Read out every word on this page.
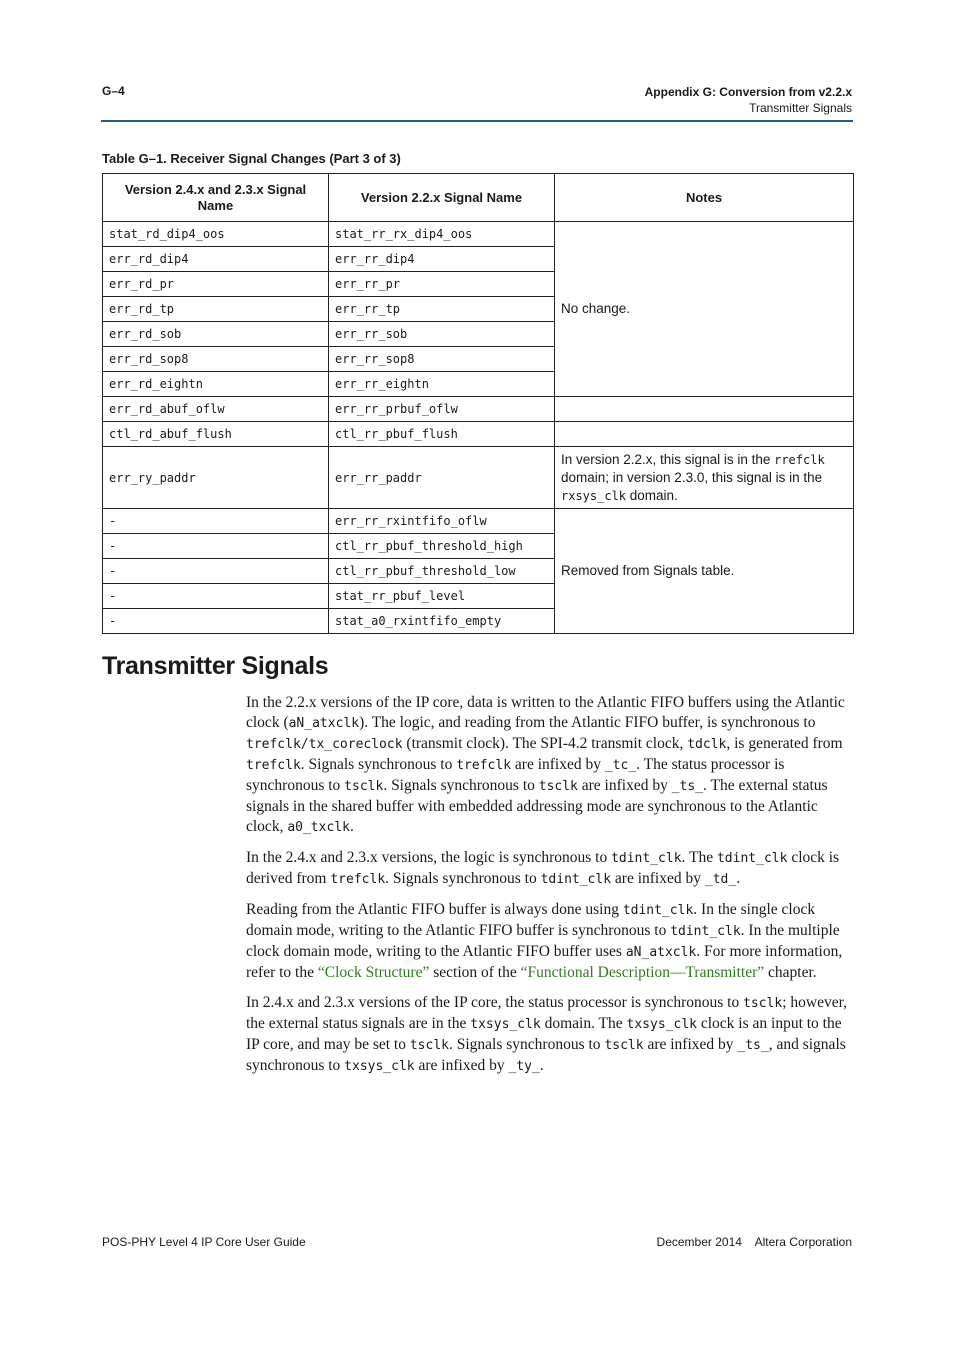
G–4	Appendix G: Conversion from v2.2.x
Transmitter Signals
Table G–1. Receiver Signal Changes (Part 3 of 3)
Version 2.4.x and 2.3.x Signal Name	Version 2.2.x Signal Name	Notes
stat_rd_dip4_oos	stat_rr_rx_dip4_oos	No change.
err_rd_dip4	err_rr_dip4	
err_rd_pr	err_rr_pr	
err_rd_tp	err_rr_tp	
err_rd_sob	err_rr_sob	
err_rd_sop8	err_rr_sop8	
err_rd_eightn	err_rr_eightn	
err_rd_abuf_oflw	err_rr_prbuf_oflw	
ctl_rd_abuf_flush	ctl_rr_pbuf_flush	
err_ry_paddr	err_rr_paddr	In version 2.2.x, this signal is in the rrefclk domain; in version 2.3.0, this signal is in the rxsys_clk domain.
-	err_rr_rxintfifo_oflw	Removed from Signals table.
-	ctl_rr_pbuf_threshold_high	
-	ctl_rr_pbuf_threshold_low	
-	stat_rr_pbuf_level	
-	stat_a0_rxintfifo_empty	
Transmitter Signals

In the 2.2.x versions of the IP core, data is written to the Atlantic FIFO buffers using the Atlantic clock (aN_atxclk). The logic, and reading from the Atlantic FIFO buffer, is synchronous to trefclk/tx_coreclock (transmit clock). The SPI-4.2 transmit clock, tdclk, is generated from trefclk. Signals synchronous to trefclk are infixed by _tc_. The status processor is synchronous to tsclk. Signals synchronous to tsclk are infixed by _ts_. The external status signals in the shared buffer with embedded addressing mode are synchronous to the Atlantic clock, a0_txclk.

In the 2.4.x and 2.3.x versions, the logic is synchronous to tdint_clk. The tdint_clk clock is derived from trefclk. Signals synchronous to tdint_clk are infixed by _td_.

Reading from the Atlantic FIFO buffer is always done using tdint_clk. In the single clock domain mode, writing to the Atlantic FIFO buffer is synchronous to tdint_clk. In the multiple clock domain mode, writing to the Atlantic FIFO buffer uses aN_atxclk. For more information, refer to the “Clock Structure” section of the “Functional Description—Transmitter” chapter.

In 2.4.x and 2.3.x versions of the IP core, the status processor is synchronous to tsclk; however, the external status signals are in the txsys_clk domain. The txsys_clk clock is an input to the IP core, and may be set to tsclk. Signals synchronous to tsclk are infixed by _ts_, and signals synchronous to txsys_clk are infixed by _ty_.

POS-PHY Level 4 IP Core User Guide	December 2014    Altera Corporation
